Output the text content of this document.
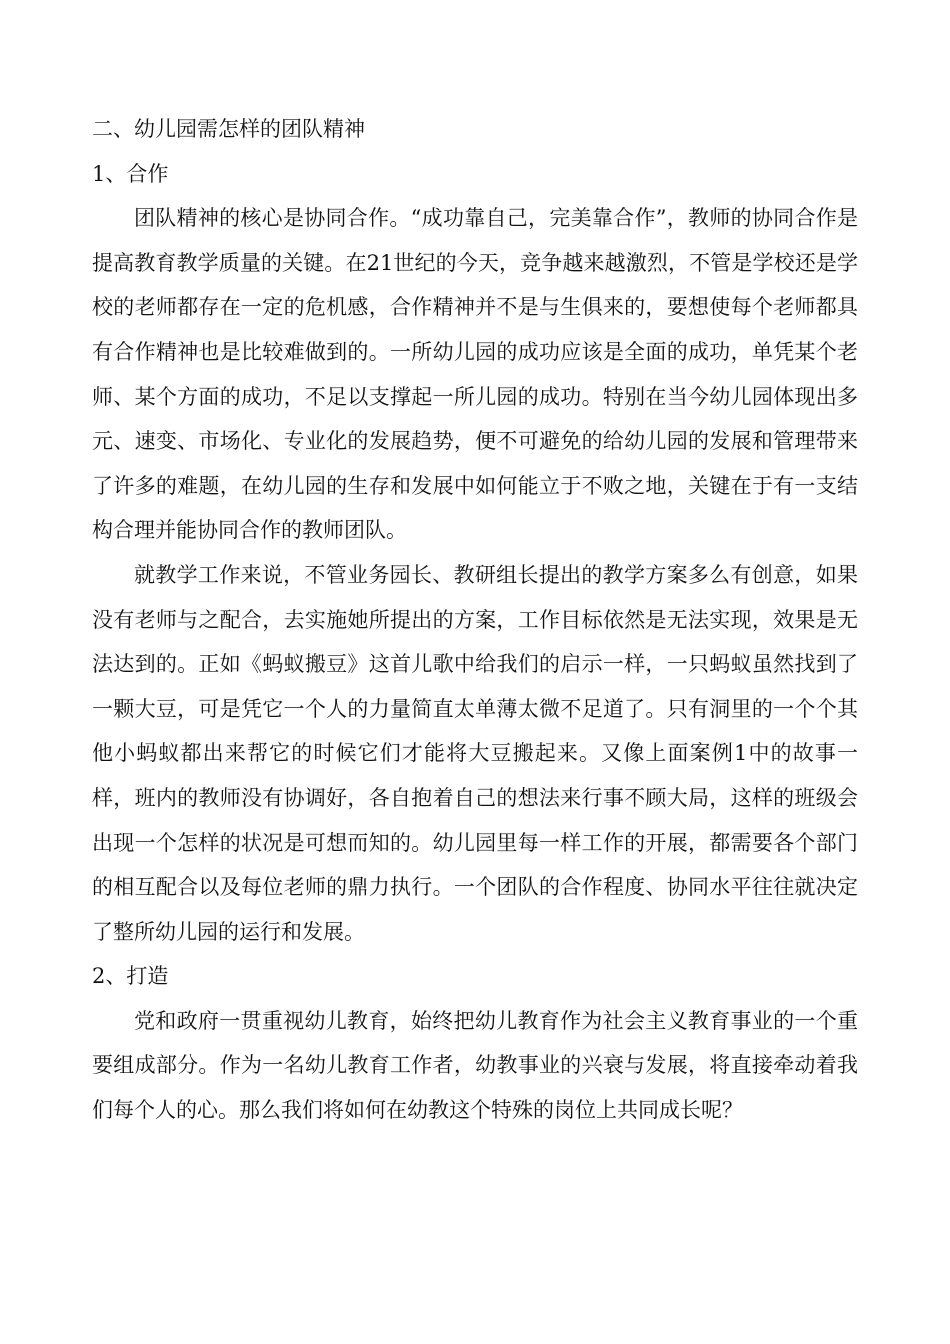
二、幼儿园需怎样的团队精神
1、合作

团队精神的核心是协同合作。“成功靠自己，完美靠合作”，教师的协同合作是提高教育教学质量的关键。在21世纪的今天，竞争越来越激烈，不管是学校还是学校的老师都存在一定的危机感，合作精神并不是与生俱来的，要想使每个老师都具有合作精神也是比较难做到的。一所幼儿园的成功应该是全面的成功，单凭某个老师、某个方面的成功，不足以支撑起一所儿园的成功。特别在当今幼儿园体现出多元、速变、市场化、专业化的发展趋势，便不可避免的给幼儿园的发展和管理带来了许多的难题，在幼儿园的生存和发展中如何能立于不败之地，关键在于有一支结构合理并能协同合作的教师团队。

就教学工作来说，不管业务园长、教研组长提出的教学方案多么有创意，如果没有老师与之配合，去实施她所提出的方案，工作目标依然是无法实现，效果是无法达到的。正如《蚂蚁搬豆》这首儿歌中给我们的启示一样，一只蚂蚁虽然找到了一颗大豆，可是凭它一个人的力量简直太单薄太微不足道了。只有洞里的一个个其他小蚂蚁都出来帮它的时候它们才能将大豆搬起来。又像上面案例1中的故事一样，班内的教师没有协调好，各自抱着自己的想法来行事不顾大局，这样的班级会出现一个怎样的状况是可想而知的。幼儿园里每一样工作的开展，都需要各个部门的相互配合以及每位老师的鼎力执行。一个团队的合作程度、协同水平往往就决定了整所幼儿园的运行和发展。

2、打造

党和政府一贯重视幼儿教育，始终把幼儿教育作为社会主义教育事业的一个重要组成部分。作为一名幼儿教育工作者，幼教事业的兴衰与发展，将直接牵动着我们每个人的心。那么我们将如何在幼教这个特殊的岗位上共同成长呢？
